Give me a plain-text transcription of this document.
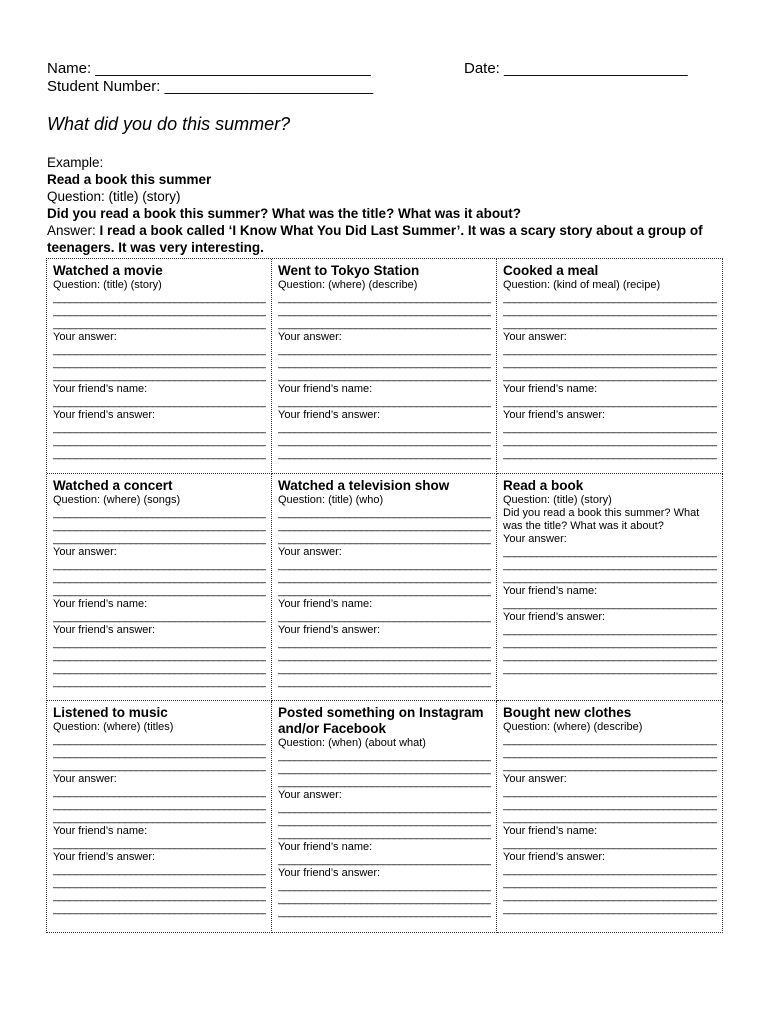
Name: _________________________________	Date: ______________________
Student Number: _________________________
What did you do this summer?
Example:
Read a book this summer
Question: (title) (story)
Did you read a book this summer? What was the title? What was it about?
Answer: I read a book called ‘I Know What You Did Last Summer’. It was a scary story about a group of teenagers. It was very interesting.
Watched a movie
Question: (title) (story)
_____
_____
_____
Your answer:
_____
_____
_____
Your friend’s name:
_____
Your friend’s answer:
_____
_____
_____
Went to Tokyo Station
Question: (where) (describe)
_____
_____
_____
Your answer:
_____
_____
_____
Your friend’s name:
_____
Your friend’s answer:
_____
_____
_____
Cooked a meal
Question: (kind of meal) (recipe)
_____
_____
_____
Your answer:
_____
_____
_____
Your friend’s name:
_____
Your friend’s answer:
_____
_____
_____
Watched a concert
Question: (where) (songs)
_____
_____
_____
Your answer:
_____
_____
_____
Your friend’s name:
_____
Your friend’s answer:
_____
_____
_____
_____
Watched a television show
Question: (title) (who)
_____
_____
_____
Your answer:
_____
_____
_____
Your friend’s name:
_____
Your friend’s answer:
_____
_____
_____
_____
Read a book
Question: (title) (story)
Did you read a book this summer? What was the title? What was it about?
Your answer:
_____
_____
_____
Your friend’s name:
_____
Your friend’s answer:
_____
_____
_____
_____
Listened to music
Question: (where) (titles)
_____
_____
_____
Your answer:
_____
_____
_____
Your friend’s name:
_____
Your friend’s answer:
_____
_____
_____
_____
Posted something on Instagram and/or Facebook
Question: (when) (about what)
_____
_____
_____
Your answer:
_____
_____
_____
Your friend’s name:
_____
Your friend’s answer:
_____
_____
_____
Bought new clothes
Question: (where) (describe)
_____
_____
_____
Your answer:
_____
_____
_____
Your friend’s name:
_____
Your friend’s answer:
_____
_____
_____
_____
